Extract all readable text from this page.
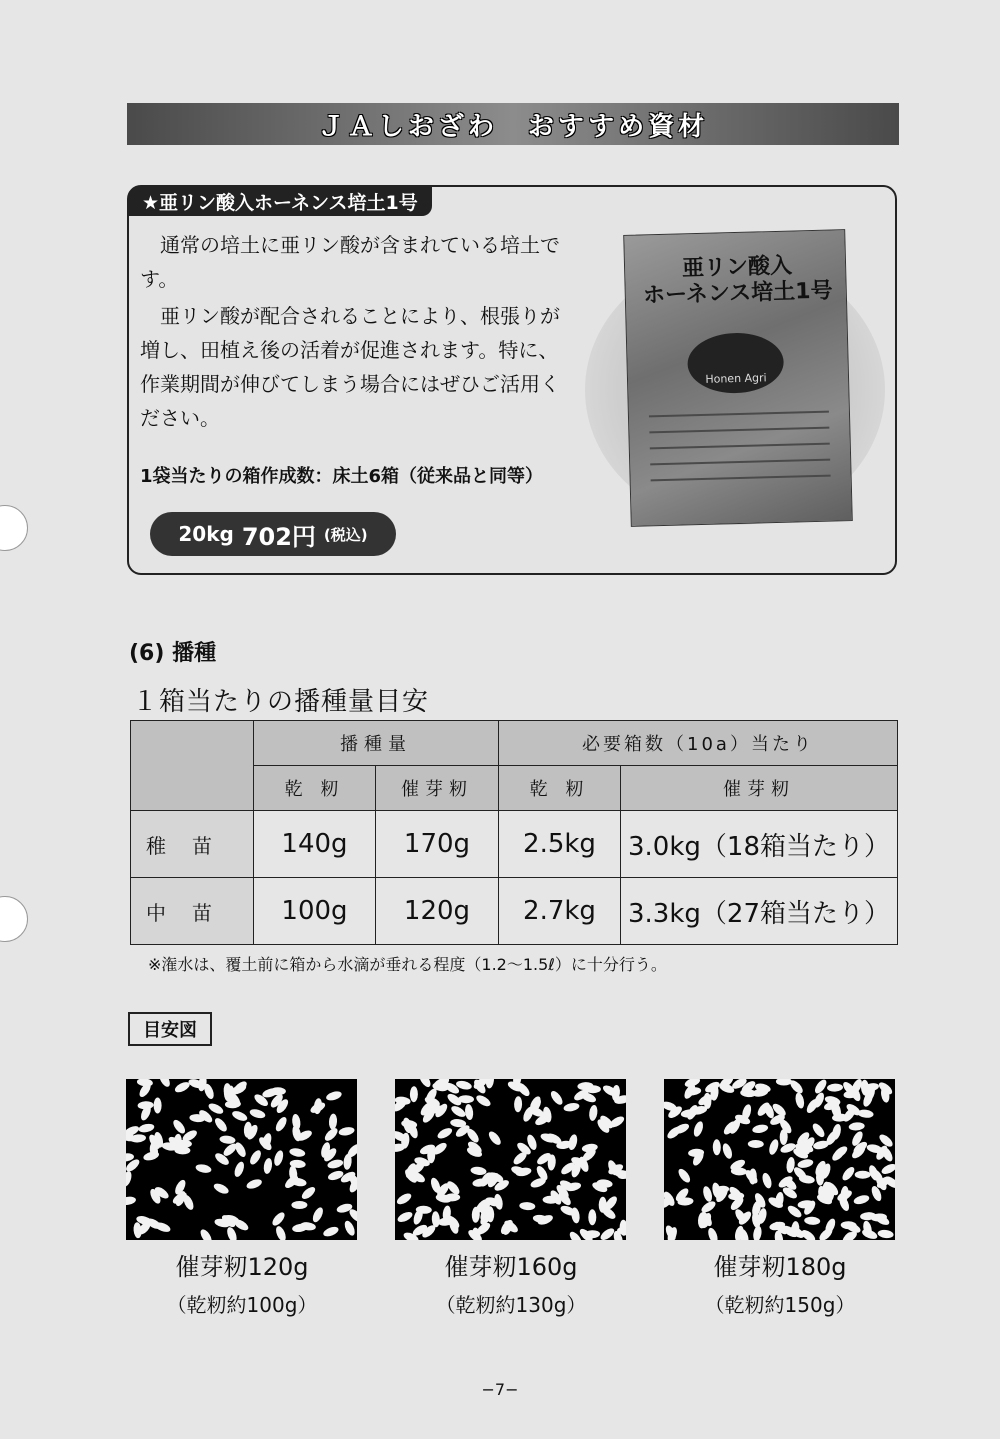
ＪＡしおざわ　おすすめ資材
★亜リン酸入ホーネンス培土1号

通常の培土に亜リン酸が含まれている培土です。

亜リン酸が配合されることにより、根張りが増し、田植え後の活着が促進されます。特に、作業期間が伸びてしまう場合にはぜひご活用ください。

1袋当たりの箱作成数：床土6箱（従来品と同等）
20kg 702円 (税込)
亜リン酸入
ホーネンス培土1号
Honen Agri
(6) 播種
１箱当たりの播種量目安
	播種量		必要箱数（10a）当たり	
	乾 籾	催芽籾	乾 籾	催芽籾
稚苗	140g	170g	2.5kg	3.0kg（18箱当たり）
中苗	100g	120g	2.7kg	3.3kg（27箱当たり）
※潅水は、覆土前に箱から水滴が垂れる程度（1.2〜1.5ℓ）に十分行う。
目安図
催芽籾120g
（乾籾約100g）
催芽籾160g
（乾籾約130g）
催芽籾180g
（乾籾約150g）
−7−
